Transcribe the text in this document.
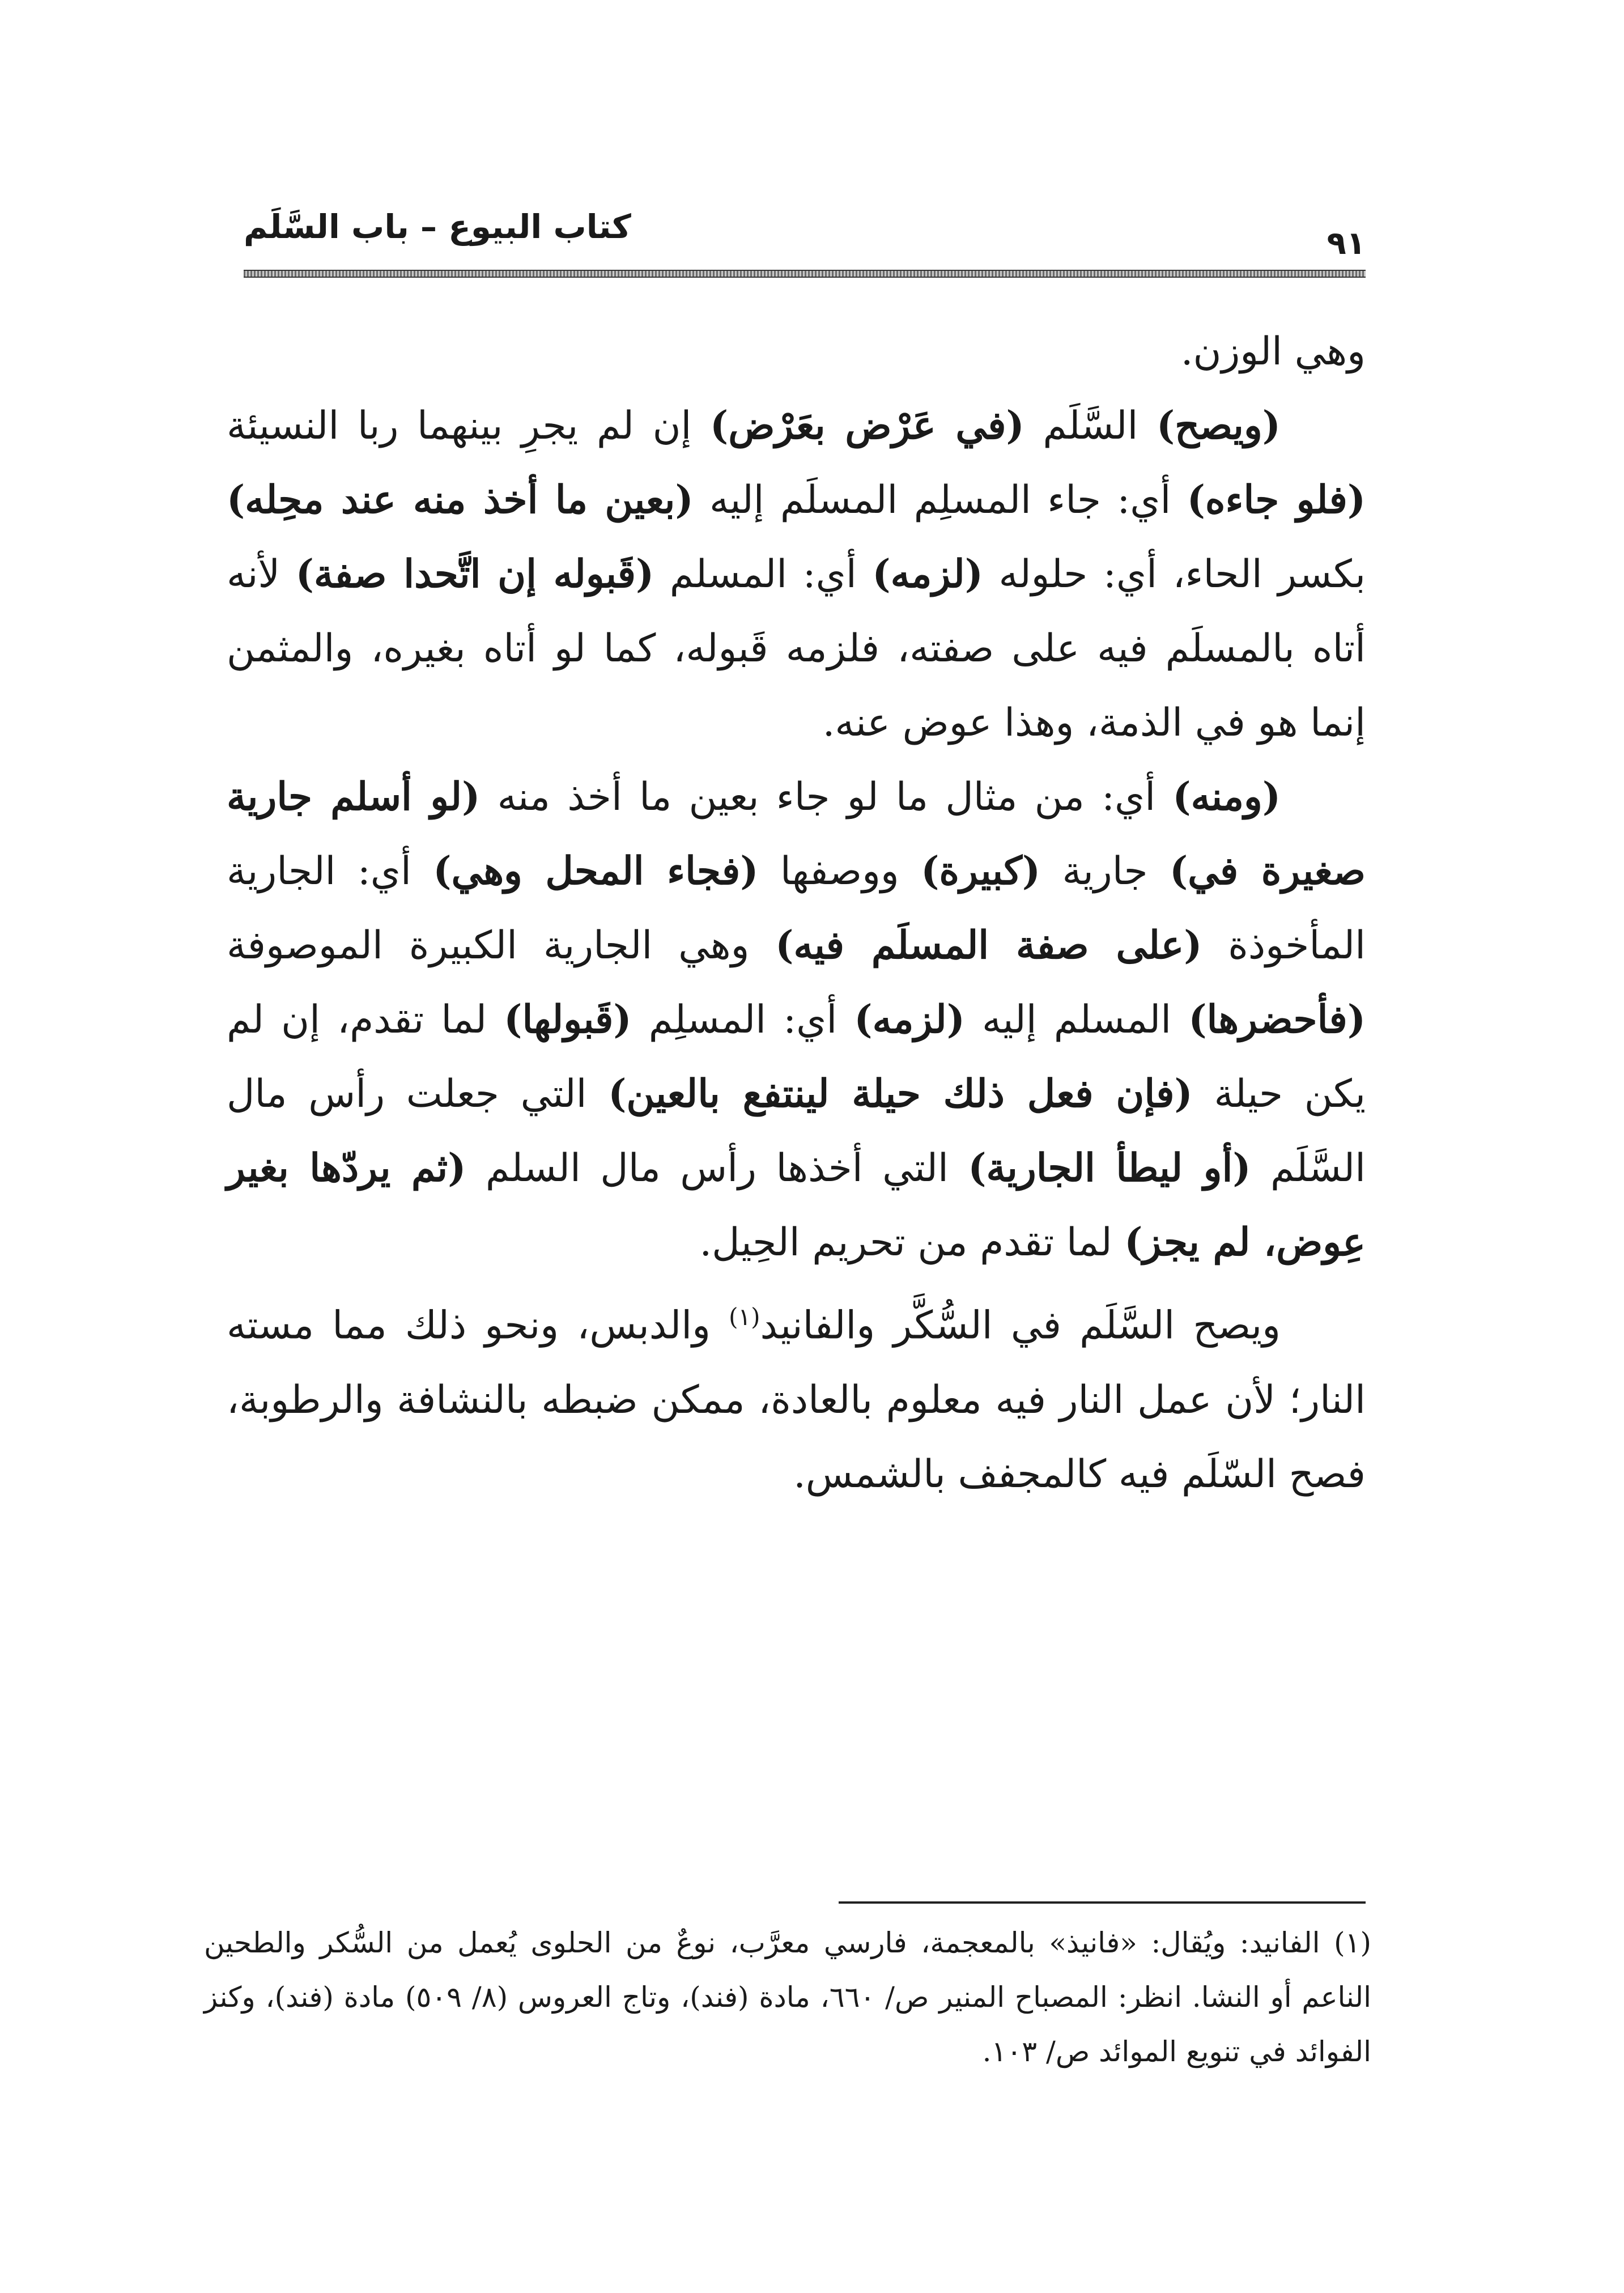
كتاب البيوع – باب السَّلَم	٩١

وهي الوزن.

(ويصح) السَّلَم (في عَرْض بعَرْض) إن لم يجرِ بينهما ربا النسيئة (فلو جاءه) أي: جاء المسلِم المسلَم إليه (بعين ما أخذ منه عند محِله) بكسر الحاء، أي: حلوله (لزمه) أي: المسلم (قَبوله إن اتَّحدا صفة) لأنه أتاه بالمسلَم فيه على صفته، فلزمه قَبوله، كما لو أتاه بغيره، والمثمن إنما هو في الذمة، وهذا عوض عنه.

(ومنه) أي: من مثال ما لو جاء بعين ما أخذ منه (لو أسلم جارية صغيرة في) جارية (كبيرة) ووصفها (فجاء المحل وهي) أي: الجارية المأخوذة (على صفة المسلَم فيه) وهي الجارية الكبيرة الموصوفة (فأحضرها) المسلم إليه (لزمه) أي: المسلِم (قَبولها) لما تقدم، إن لم يكن حيلة (فإن فعل ذلك حيلة لينتفع بالعين) التي جعلت رأس مال السَّلَم (أو ليطأ الجارية) التي أخذها رأس مال السلم (ثم يردّها بغير عِوض، لم يجز) لما تقدم من تحريم الحِيل.

ويصح السَّلَم في السُّكَّر والفانيد$^{(١)}$ والدبس، ونحو ذلك مما مسته النار؛ لأن عمل النار فيه معلوم بالعادة، ممكن ضبطه بالنشافة والرطوبة، فصح السّلَم فيه كالمجفف بالشمس.

(١) الفانيد: ويُقال: «فانيذ» بالمعجمة، فارسي معرَّب، نوعٌ من الحلوى يُعمل من السُّكر والطحين الناعم أو النشا. انظر: المصباح المنير ص/ ٦٦٠، مادة (فند)، وتاج العروس (٨/ ٥٠٩) مادة (فند)، وكنز الفوائد في تنويع الموائد ص/ ١٠٣.
